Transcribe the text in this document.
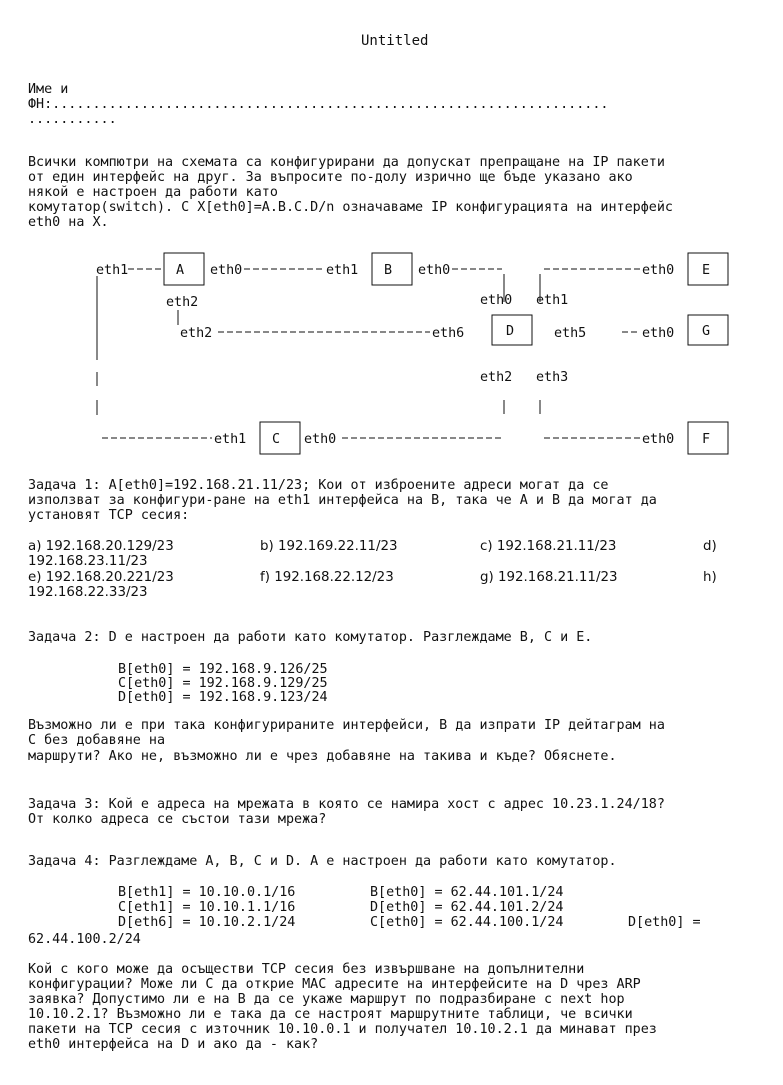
Untitled
Име и
ФН:.....................................................................
...........
Всички компютри на схемата са конфигурирани да допускат препращане на IP пакети
от един интерфейс на друг. За въпросите по-долу изрично ще бъде указано ако
някой е настроен да работи като
комутатор(switch). С X[eth0]=A.B.C.D/n означаваме IP конфигурацията на интерфейс
eth0 на X.
A	B
C
D
E
F
G
eth1	eth0
eth2
eth2
eth1	eth0
eth0 eth1
eth6	eth5
eth2 eth3
eth0
eth0
eth1	eth0	eth0
Задача 1: A[eth0]=192.168.21.11/23; Кои от изброените адреси могат да се
използват за конфигури-ране на eth1 интерфейса на B, така че A и B да могат да
установят TCP сесия:
a) 192.168.20.129/23	b) 192.169.22.11/23	c) 192.168.21.11/23	d)
192.168.23.11/23
e) 192.168.20.221/23	f) 192.168.22.12/23	g) 192.168.21.11/23	h)
192.168.22.33/23
Задача 2: D е настроен да работи като комутатор. Разглеждаме B, C и E.
B[eth0] = 192.168.9.126/25
C[eth0] = 192.168.9.129/25
D[eth0] = 192.168.9.123/24
Възможно ли е при така конфигурираните интерфейси, B да изпрати IP дейтаграм на
C без добавяне на
маршрути? Ако не, възможно ли е чрез добавяне на такива и къде? Обяснете.
Задача 3: Кой е адреса на мрежата в която се намира хост с адрес 10.23.1.24/18?
От колко адреса се състои тази мрежа?
Задача 4: Разглеждаме A, B, C и D. A е настроен да работи като комутатор.
B[eth1] = 10.10.0.1/16
C[eth1] = 10.10.1.1/16
D[eth6] = 10.10.2.1/24
B[eth0] = 62.44.101.1/24
D[eth0] = 62.44.101.2/24
C[eth0] = 62.44.100.1/24	D[eth0] =
62.44.100.2/24
Кой с кого може да осъществи TCP сесия без извършване на допълнителни
конфигурации? Може ли C да открие MAC адресите на интерфейсите на D чрез ARP
заявка? Допустимо ли е на B да се укаже маршрут по подразбиране с next hop
10.10.2.1? Възможно ли е така да се настроят маршрутните таблици, че всички
пакети на TCP сесия с източник 10.10.0.1 и получател 10.10.2.1 да минават през
eth0 интерфейса на D и ако да - как?
